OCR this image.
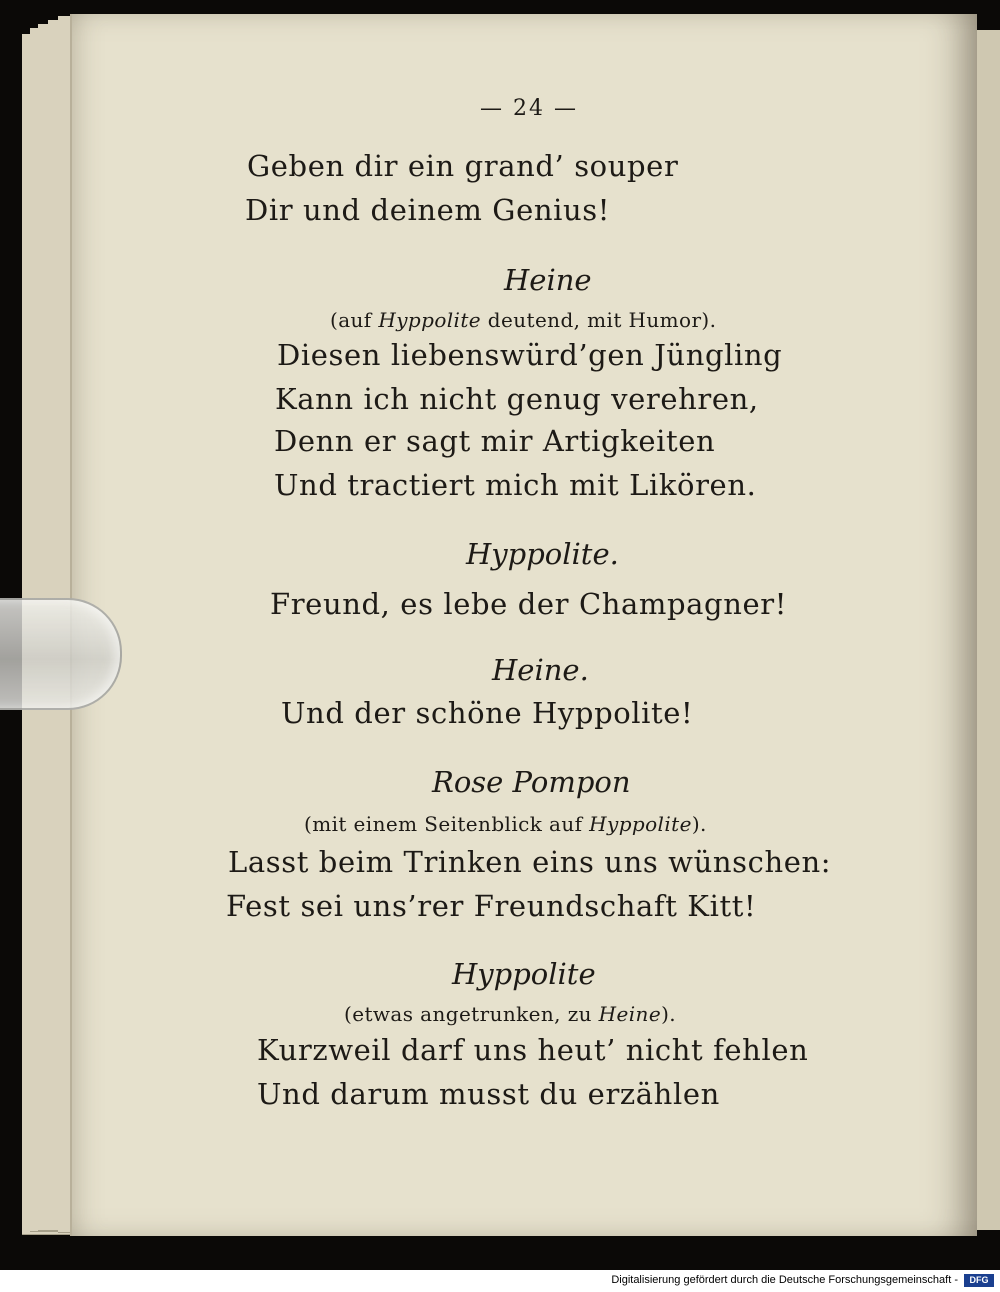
— 24 —
Geben dir ein grand’ souper
Dir und deinem Genius!
Heine
(auf Hyppolite deutend, mit Humor).
Diesen liebenswürd’gen Jüngling
Kann ich nicht genug verehren,
Denn er sagt mir Artigkeiten
Und tractiert mich mit Likören.
Hyppolite.
Freund, es lebe der Champagner!
Heine.
Und der schöne Hyppolite!
Rose Pompon
(mit einem Seitenblick auf Hyppolite).
Lasst beim Trinken eins uns wünschen:
Fest sei uns’rer Freundschaft Kitt!
Hyppolite
(etwas angetrunken, zu Heine).
Kurzweil darf uns heut’ nicht fehlen
Und darum musst du erzählen
Digitalisierung gefördert durch die Deutsche Forschungsgemeinschaft -	DFG
